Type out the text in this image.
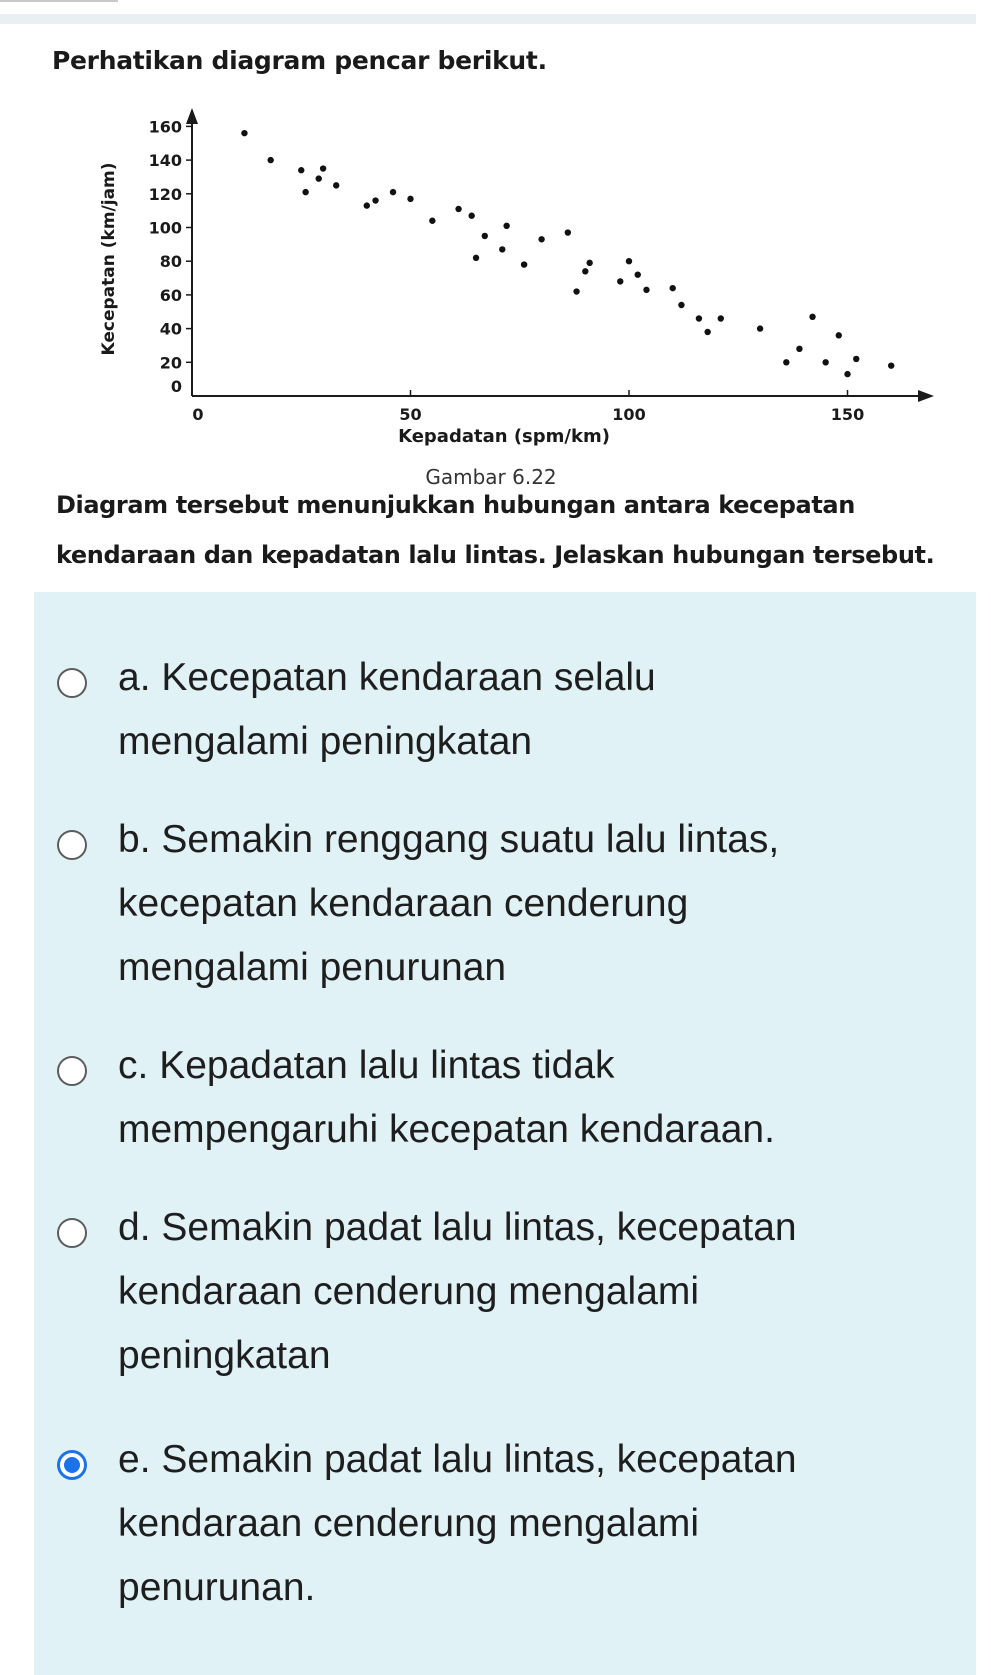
Perhatikan diagram pencar berikut.

0	50	100	150
0
20
40
60
80
100
120
140
160
Kepadatan (spm/km)
Kecepatan (km/jam)
Gambar 6.22

Diagram tersebut menunjukkan hubungan antara kecepatan kendaraan dan kepadatan lalu lintas. Jelaskan hubungan tersebut.

a. Kecepatan kendaraan selalu
mengalami peningkatan

b. Semakin renggang suatu lalu lintas,
kecepatan kendaraan cenderung
mengalami penurunan

c. Kepadatan lalu lintas tidak
mempengaruhi kecepatan kendaraan.

d. Semakin padat lalu lintas, kecepatan
kendaraan cenderung mengalami
peningkatan

e. Semakin padat lalu lintas, kecepatan
kendaraan cenderung mengalami
penurunan.
